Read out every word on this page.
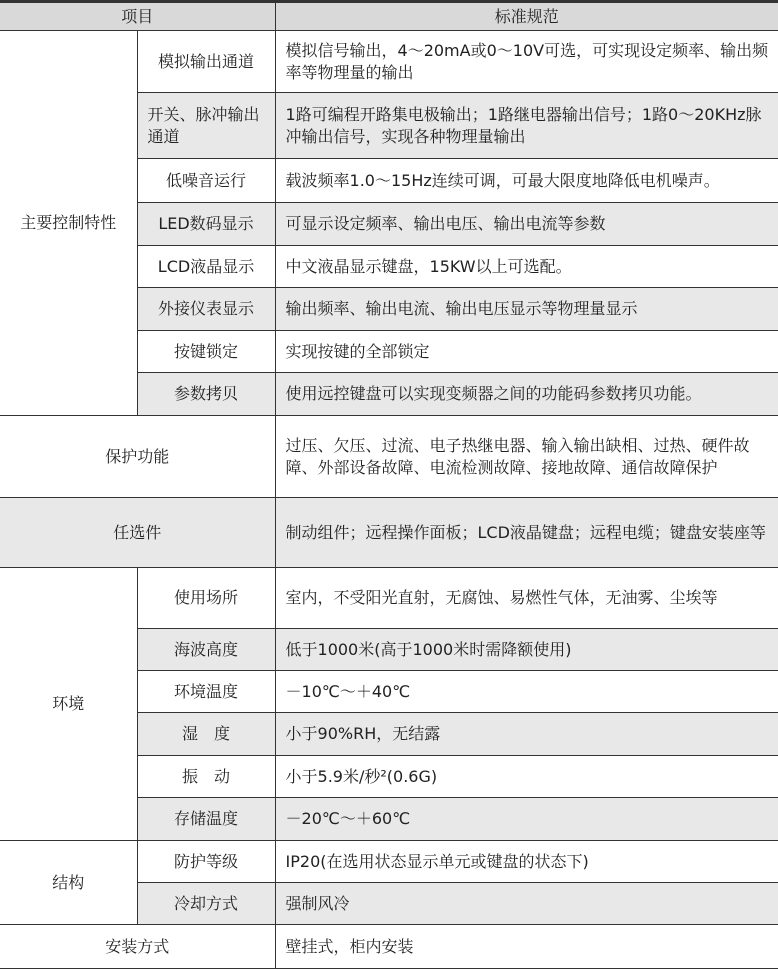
项目		标准规范
主要控制特性	模拟输出通道	模拟信号输出，4～20mA或0～10V可选，可实现设定频率、输出频率等物理量的输出
	开关、脉冲输出通道	1路可编程开路集电极输出；1路继电器输出信号；1路0～20KHz脉冲输出信号，实现各种物理量输出
	低噪音运行	载波频率1.0～15Hz连续可调，可最大限度地降低电机噪声。
	LED数码显示	可显示设定频率、输出电压、输出电流等参数
	LCD液晶显示	中文液晶显示键盘，15KW以上可选配。
	外接仪表显示	输出频率、输出电流、输出电压显示等物理量显示
	按键锁定	实现按键的全部锁定
	参数拷贝	使用远控键盘可以实现变频器之间的功能码参数拷贝功能。
保护功能		过压、欠压、过流、电子热继电器、输入输出缺相、过热、硬件故障、外部设备故障、电流检测故障、接地故障、通信故障保护
任选件		制动组件；远程操作面板；LCD液晶键盘；远程电缆；键盘安装座等
环境	使用场所	室内，不受阳光直射，无腐蚀、易燃性气体，无油雾、尘埃等
	海波高度	低于1000米(高于1000米时需降额使用)
	环境温度	－10℃～＋40℃
	湿　度	小于90%RH，无结露
	振　动	小于5.9米/秒²(0.6G)
	存储温度	－20℃～＋60℃
结构	防护等级	IP20(在选用状态显示单元或键盘的状态下)
	冷却方式	强制风冷
安装方式		壁挂式，柜内安装
